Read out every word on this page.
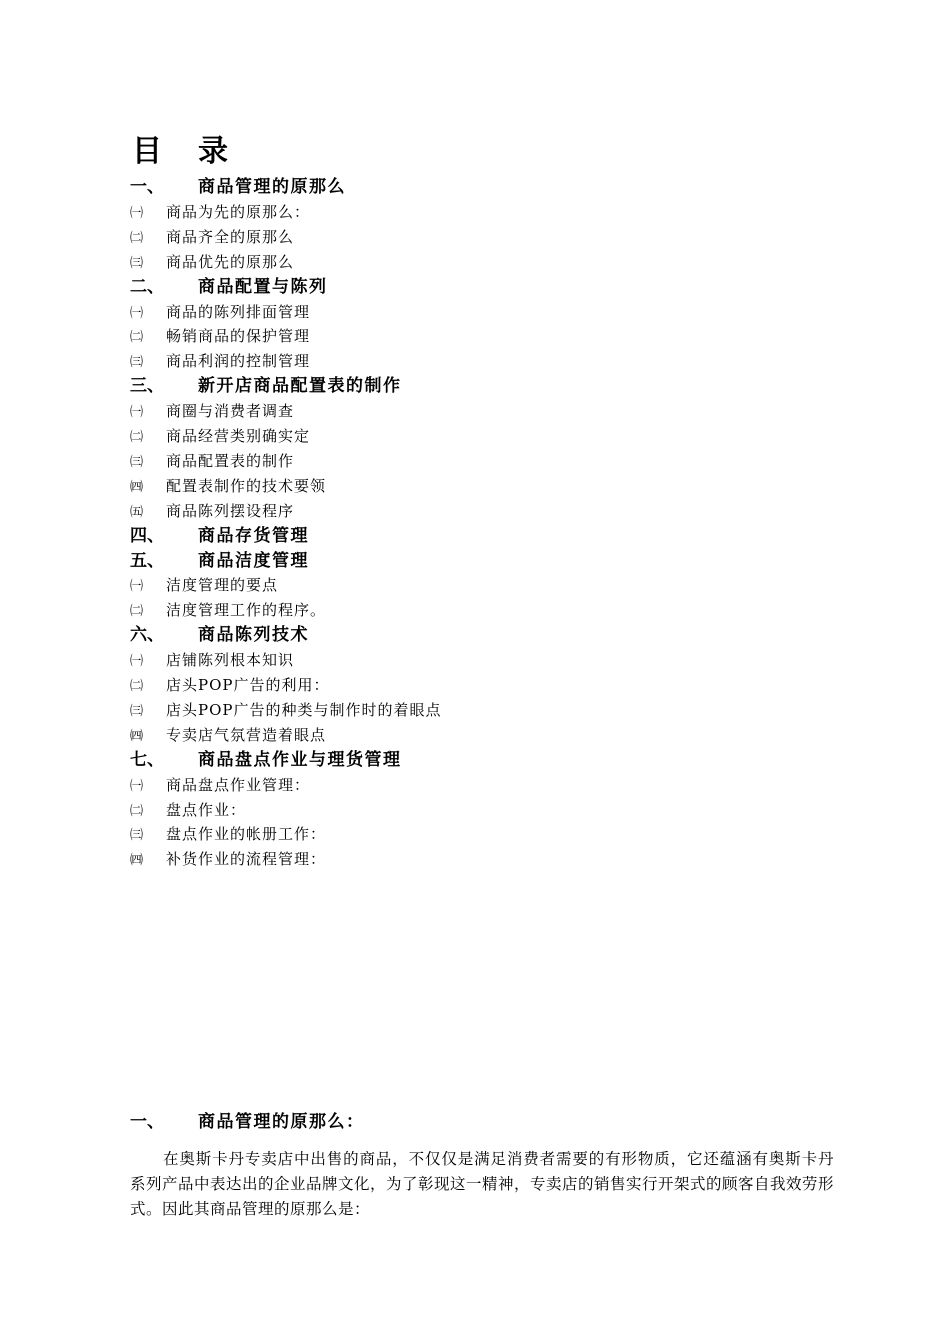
目录
一、 商品管理的原那么
㈠ 商品为先的原那么：
㈡ 商品齐全的原那么
㈢ 商品优先的原那么
二、 商品配置与陈列
㈠ 商品的陈列排面管理
㈡ 畅销商品的保护管理
㈢ 商品利润的控制管理
三、 新开店商品配置表的制作
㈠ 商圈与消费者调查
㈡ 商品经营类别确实定
㈢ 商品配置表的制作
㈣ 配置表制作的技术要领
㈤ 商品陈列摆设程序
四、 商品存货管理
五、 商品洁度管理
㈠ 洁度管理的要点
㈡ 洁度管理工作的程序。
六、 商品陈列技术
㈠ 店铺陈列根本知识
㈡ 店头POP广告的利用：
㈢ 店头POP广告的种类与制作时的着眼点
㈣ 专卖店气氛营造着眼点
七、 商品盘点作业与理货管理
㈠ 商品盘点作业管理：
㈡ 盘点作业：
㈢ 盘点作业的帐册工作：
㈣ 补货作业的流程管理：
一、 商品管理的原那么：
在奥斯卡丹专卖店中出售的商品，不仅仅是满足消费者需要的有形物质，它还蕴涵有奥斯卡丹系列产品中表达出的企业品牌文化，为了彰现这一精神，专卖店的销售实行开架式的顾客自我效劳形式。因此其商品管理的原那么是：
